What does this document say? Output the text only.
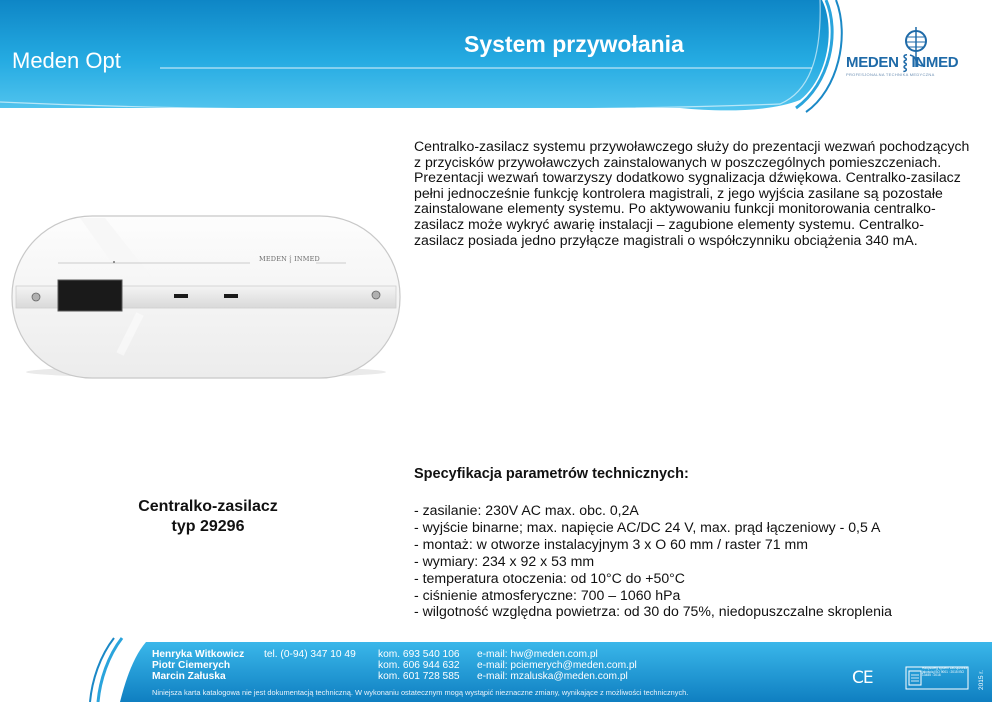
Meden Opt
System przywołania
MEDEN ⸾ INMED
PROFESJONALNA TECHNIKA MEDYCZNA
Centralko-zasilacz systemu przywoławczego służy do prezentacji wezwań pochodzących z przycisków przywoławczych zainstalowanych w poszczególnych pomieszczeniach. Prezentacji wezwań towarzyszy dodatkowo sygnalizacja dźwiękowa. Centralko-zasilacz pełni jednocześnie funkcję kontrolera magistrali, z jego wyjścia zasilane są pozostałe zainstalowane elementy systemu. Po aktywowaniu funkcji monitorowania centralko-zasilacz może wykryć awarię instalacji – zagubione elementy systemu. Centralko-zasilacz posiada jedno przyłącze magistrali o współczynniku obciążenia 340 mA.
MEDEN ⸾ INMED
Centralko-zasilacz
typ 29296
Specyfikacja parametrów technicznych:
- zasilanie: 230V AC max. obc. 0,2A
- wyjście binarne; max. napięcie AC/DC 24 V, max. prąd łączeniowy - 0,5 A
- montaż: w otworze instalacyjnym 3 x O 60 mm / raster 71 mm
- wymiary: 234 x 92 x 53 mm
- temperatura otoczenia: od 10°C do +50°C
- ciśnienie atmosferyczne: 700 – 1060 hPa
- wilgotność względna powietrza: od 30 do 75%, niedopuszczalne skroplenia
Henryka Witkowicz tel. (0-94) 347 10 49 kom. 693 540 106 e-mail: hw@meden.com.pl
Piotr Ciemerych	kom. 606 944 632 e-mail: pciemerych@meden.com.pl
Marcin Załuska	kom. 601 728 585 e-mail: mzaluska@meden.com.pl
Niniejsza karta katalogowa nie jest dokumentacją techniczną. W wykonaniu ostatecznym mogą wystąpić nieznaczne zmiany, wynikające z możliwości technicznych.
CE	Haupstweg system zarządzania jakością ISO 9001 : 2015 ISO 13485 : 2016	2015 r.
